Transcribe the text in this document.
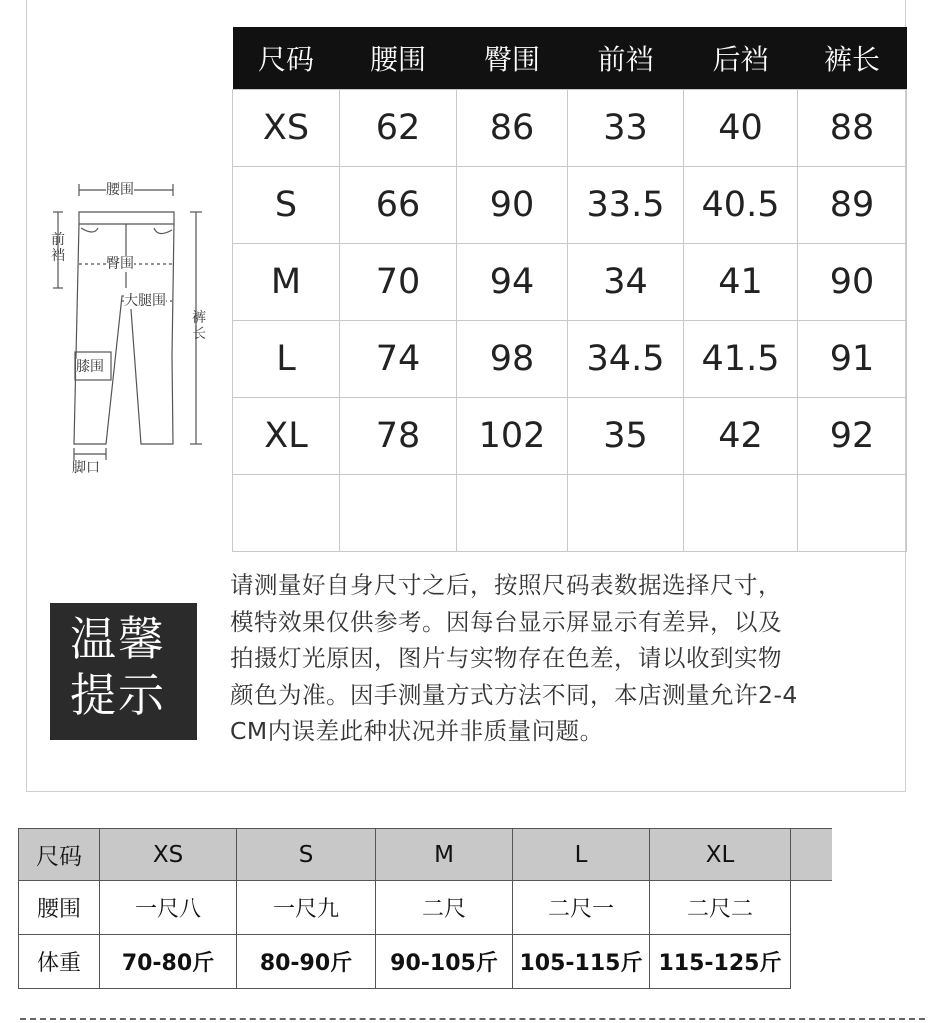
尺码	腰围	臀围	前裆	后裆	裤长
XS	62	86	33	40	88
S	66	90	33.5	40.5	89
M	70	94	34	41	90
L	74	98	34.5	41.5	91
XL	78	102	35	42	92

腰围
前裆	臀围
大腿围
裤长
膝围
脚口
温馨
提示
请测量好自身尺寸之后，按照尺码表数据选择尺寸，
模特效果仅供参考。因每台显示屏显示有差异，以及
拍摄灯光原因，图片与实物存在色差，请以收到实物
颜色为准。因手测量方式方法不同，本店测量允许2-4
CM内误差此种状况并非质量问题。
尺码	XS	S	M	L	XL	
腰围	一尺八	一尺九	二尺	二尺一	二尺二	
体重	70-80斤	80-90斤	90-105斤	105-115斤	115-125斤	
